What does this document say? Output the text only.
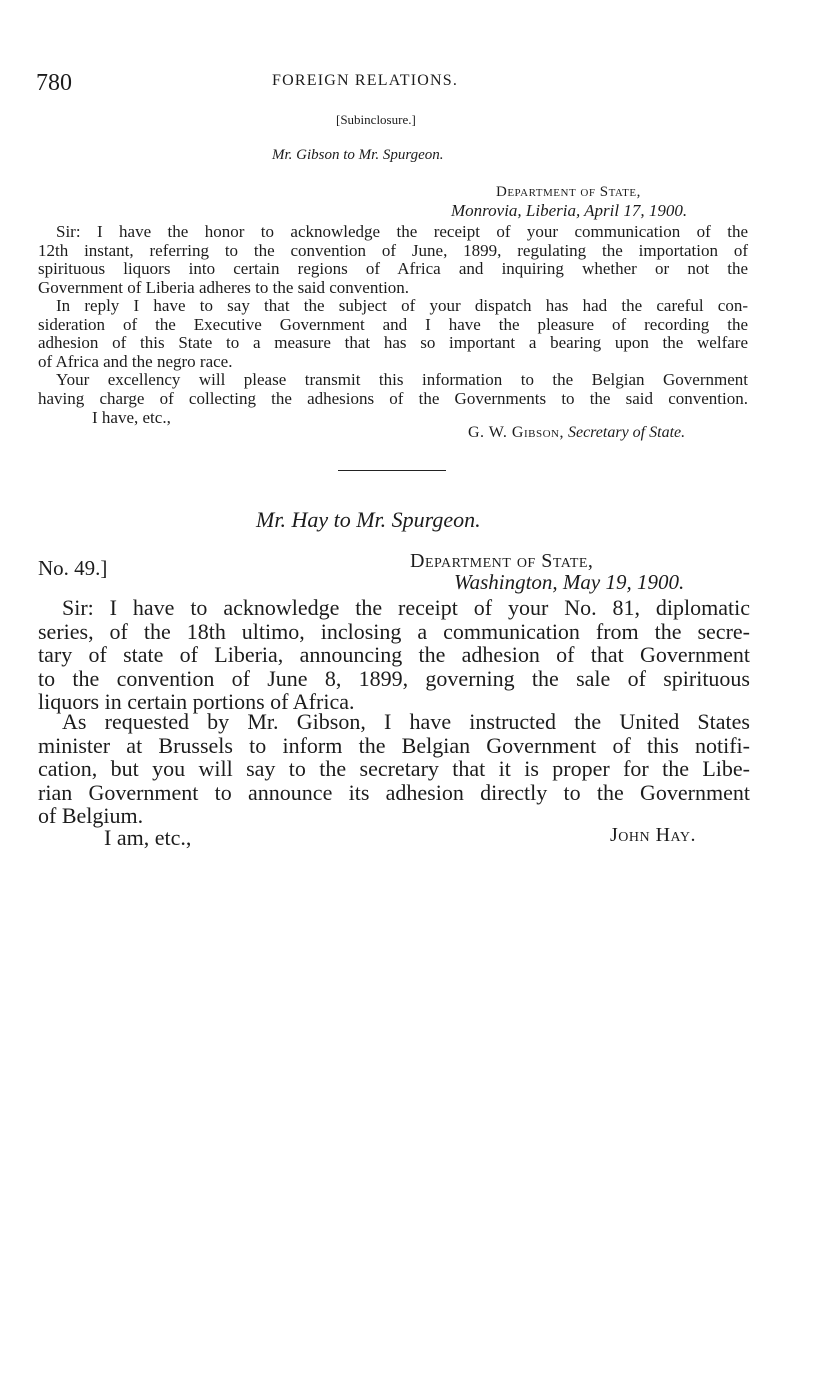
780	FOREIGN RELATIONS.
[Subinclosure.]
Mr. Gibson to Mr. Spurgeon.
Department of State,
Monrovia, Liberia, April 17, 1900.
Sir: I have the honor to acknowledge the receipt of your communication of the
12th instant, referring to the convention of June, 1899, regulating the importation of
spirituous liquors into certain regions of Africa and inquiring whether or not the
Government of Liberia adheres to the said convention.
In reply I have to say that the subject of your dispatch has had the careful con-
sideration of the Executive Government and I have the pleasure of recording the
adhesion of this State to a measure that has so important a bearing upon the welfare
of Africa and the negro race.
Your excellency will please transmit this information to the Belgian Government
having charge of collecting the adhesions of the Governments to the said convention.
I have, etc.,
G. W. Gibson, Secretary of State.
Mr. Hay to Mr. Spurgeon.
No. 49.]	Department of State,
Washington, May 19, 1900.
Sir: I have to acknowledge the receipt of your No. 81, diplomatic
series, of the 18th ultimo, inclosing a communication from the secre-
tary of state of Liberia, announcing the adhesion of that Government
to the convention of June 8, 1899, governing the sale of spirituous
liquors in certain portions of Africa.
As requested by Mr. Gibson, I have instructed the United States
minister at Brussels to inform the Belgian Government of this notifi-
cation, but you will say to the secretary that it is proper for the Libe-
rian Government to announce its adhesion directly to the Government
of Belgium.
I am, etc.,	John Hay.
